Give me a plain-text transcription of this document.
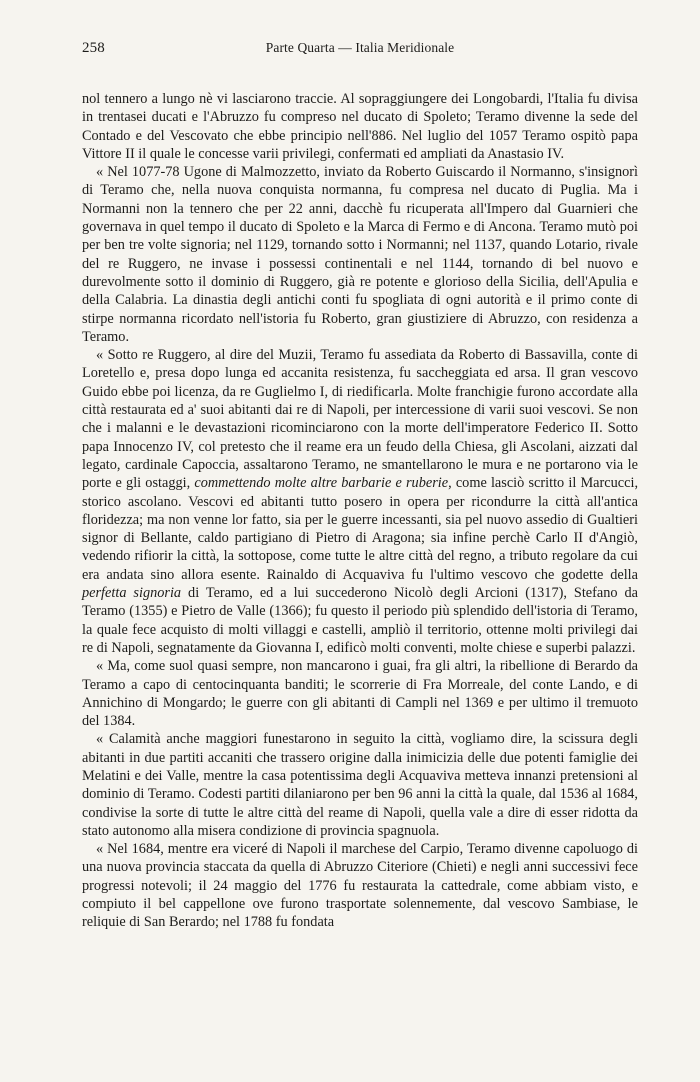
258	Parte Quarta — Italia Meridionale

nol tennero a lungo nè vi lasciarono traccie. Al sopraggiungere dei Longobardi, l'Italia fu divisa in trentasei ducati e l'Abruzzo fu compreso nel ducato di Spoleto; Teramo divenne la sede del Contado e del Vescovato che ebbe principio nell'886. Nel luglio del 1057 Teramo ospitò papa Vittore II il quale le concesse varii privilegi, confermati ed ampliati da Anastasio IV.

« Nel 1077-78 Ugone di Malmozzetto, inviato da Roberto Guiscardo il Normanno, s'insignorì di Teramo che, nella nuova conquista normanna, fu compresa nel ducato di Puglia. Ma i Normanni non la tennero che per 22 anni, dacchè fu ricuperata all'Impero dal Guarnieri che governava in quel tempo il ducato di Spoleto e la Marca di Fermo e di Ancona. Teramo mutò poi per ben tre volte signoria; nel 1129, tornando sotto i Normanni; nel 1137, quando Lotario, rivale del re Ruggero, ne invase i possessi continentali e nel 1144, tornando di bel nuovo e durevolmente sotto il dominio di Ruggero, già re potente e glorioso della Sicilia, dell'Apulia e della Calabria. La dinastia degli antichi conti fu spogliata di ogni autorità e il primo conte di stirpe normanna ricordato nell'istoria fu Roberto, gran giustiziere di Abruzzo, con residenza a Teramo.

« Sotto re Ruggero, al dire del Muzii, Teramo fu assediata da Roberto di Bassavilla, conte di Loretello e, presa dopo lunga ed accanita resistenza, fu saccheggiata ed arsa. Il gran vescovo Guido ebbe poi licenza, da re Guglielmo I, di riedificarla. Molte franchigie furono accordate alla città restaurata ed a' suoi abitanti dai re di Napoli, per intercessione di varii suoi vescovi. Se non che i malanni e le devastazioni ricominciarono con la morte dell'imperatore Federico II. Sotto papa Innocenzo IV, col pretesto che il reame era un feudo della Chiesa, gli Ascolani, aizzati dal legato, cardinale Capoccia, assaltarono Teramo, ne smantellarono le mura e ne portarono via le porte e gli ostaggi, commettendo molte altre barbarie e ruberie, come lasciò scritto il Marcucci, storico ascolano. Vescovi ed abitanti tutto posero in opera per ricondurre la città all'antica floridezza; ma non venne lor fatto, sia per le guerre incessanti, sia pel nuovo assedio di Gualtieri signor di Bellante, caldo partigiano di Pietro di Aragona; sia infine perchè Carlo II d'Angiò, vedendo rifiorir la città, la sottopose, come tutte le altre città del regno, a tributo regolare da cui era andata sino allora esente. Rainaldo di Acquaviva fu l'ultimo vescovo che godette della perfetta signoria di Teramo, ed a lui succederono Nicolò degli Arcioni (1317), Stefano da Teramo (1355) e Pietro de Valle (1366); fu questo il periodo più splendido dell'istoria di Teramo, la quale fece acquisto di molti villaggi e castelli, ampliò il territorio, ottenne molti privilegi dai re di Napoli, segnatamente da Giovanna I, edificò molti conventi, molte chiese e superbi palazzi.

« Ma, come suol quasi sempre, non mancarono i guai, fra gli altri, la ribellione di Berardo da Teramo a capo di centocinquanta banditi; le scorrerie di Fra Morreale, del conte Lando, e di Annichino di Mongardo; le guerre con gli abitanti di Campli nel 1369 e per ultimo il tremuoto del 1384.

« Calamità anche maggiori funestarono in seguito la città, vogliamo dire, la scissura degli abitanti in due partiti accaniti che trassero origine dalla inimicizia delle due potenti famiglie dei Melatini e dei Valle, mentre la casa potentissima degli Acquaviva metteva innanzi pretensioni al dominio di Teramo. Codesti partiti dilaniarono per ben 96 anni la città la quale, dal 1536 al 1684, condivise la sorte di tutte le altre città del reame di Napoli, quella vale a dire di esser ridotta da stato autonomo alla misera condizione di provincia spagnuola.

« Nel 1684, mentre era viceré di Napoli il marchese del Carpio, Teramo divenne capoluogo di una nuova provincia staccata da quella di Abruzzo Citeriore (Chieti) e negli anni successivi fece progressi notevoli; il 24 maggio del 1776 fu restaurata la cattedrale, come abbiam visto, e compiuto il bel cappellone ove furono trasportate solennemente, dal vescovo Sambiase, le reliquie di San Berardo; nel 1788 fu fondata
